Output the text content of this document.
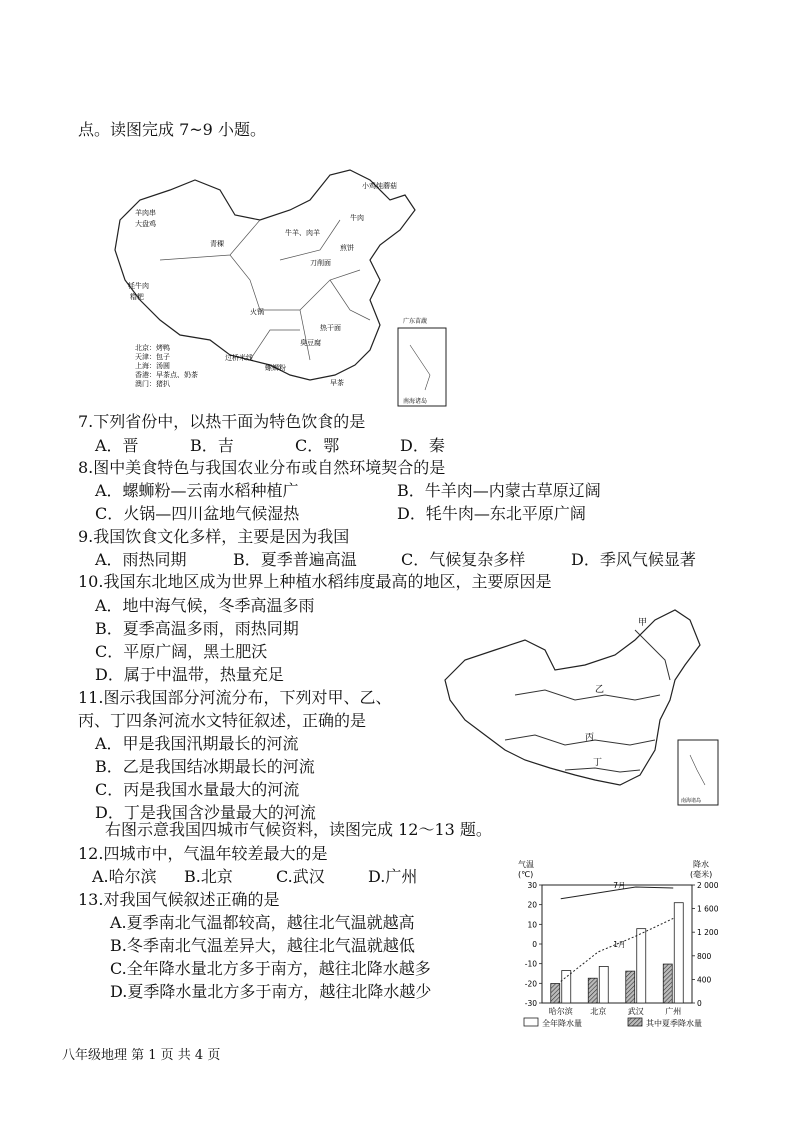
点。读图完成 7~9 小题。
羊肉串
大盘鸡
牦牛肉
糌粑
青稞
火锅
小鸡炖蘑菇
牛肉
牛羊、肉羊
刀削面
煎饼
热干面
过桥米线
螺蛳粉
臭豆腐
早茶
北京：烤鸭
天津：包子
上海：汤圆
香港：早茶点、奶茶
澳门：猪扒
广东苗蔬
南海诸岛
7.下列省份中，以热干面为特色饮食的是
A．晋	B．吉	C．鄂	D．秦
8.图中美食特色与我国农业分布或自然环境契合的是
A．螺蛳粉—云南水稻种植广	B．牛羊肉—内蒙古草原辽阔
C．火锅—四川盆地气候湿热	D．牦牛肉—东北平原广阔
9.我国饮食文化多样，主要是因为我国
A．雨热同期	B．夏季普遍高温	C．气候复杂多样	D．季风气候显著
10.我国东北地区成为世界上种植水稻纬度最高的地区，主要原因是
A．地中海气候，冬季高温多雨
B．夏季高温多雨，雨热同期
C．平原广阔，黑土肥沃
D．属于中温带，热量充足
11.图示我国部分河流分布，下列对甲、乙、
丙、丁四条河流水文特征叙述，正确的是
A．甲是我国汛期最长的河流
B．乙是我国结冰期最长的河流
C．丙是我国水量最大的河流
D．丁是我国含沙量最大的河流
甲
乙
丙
丁
南海诸岛
右图示意我国四城市气候资料，读图完成 12～13 题。
12.四城市中，气温年较差最大的是
A.哈尔滨 B.北京	C.武汉	D.广州
13.对我国气候叙述正确的是
A.夏季南北气温都较高，越往北气温就越高
B.冬季南北气温差异大，越往北气温就越低
C.全年降水量北方多于南方，越往北降水越多
D.夏季降水量北方多于南方，越往北降水越少
气温
(℃)
降水
(毫米)
30
20
10
0
-10
-20
-30
2 000
1 600
1 200
800
400
0
7月
1月
哈尔滨 北京	武汉	广州
全年降水量	其中夏季降水量
八年级地理 第 1 页 共 4 页
